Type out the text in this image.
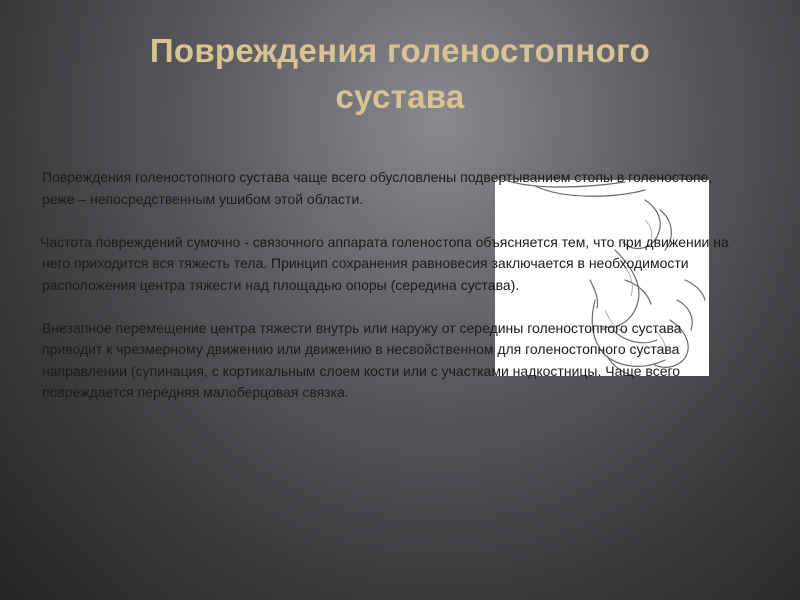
Повреждения голеностопного
сустава

Повреждения голеностопного сустава чаще всего обусловлены подвертыванием стопы в голеностопе, реже – непосредственным ушибом этой области.

Частота повреждений сумочно - связочного аппарата голеностопа объясняется тем, что при движении на него приходится вся тяжесть тела. Принцип сохранения равновесия заключается в необходимости расположения центра тяжести над площадью опоры (середина сустава).

Внезапное перемещение центра тяжести внутрь или наружу от середины голеностопного сустава приводит к чрезмерному движению или движению в несвойственном для голеностопного сустава направлении (супинация, с кортикальным слоем кости или с участками надкостницы. Чаще всего повреждается передняя малоберцовая связка.
